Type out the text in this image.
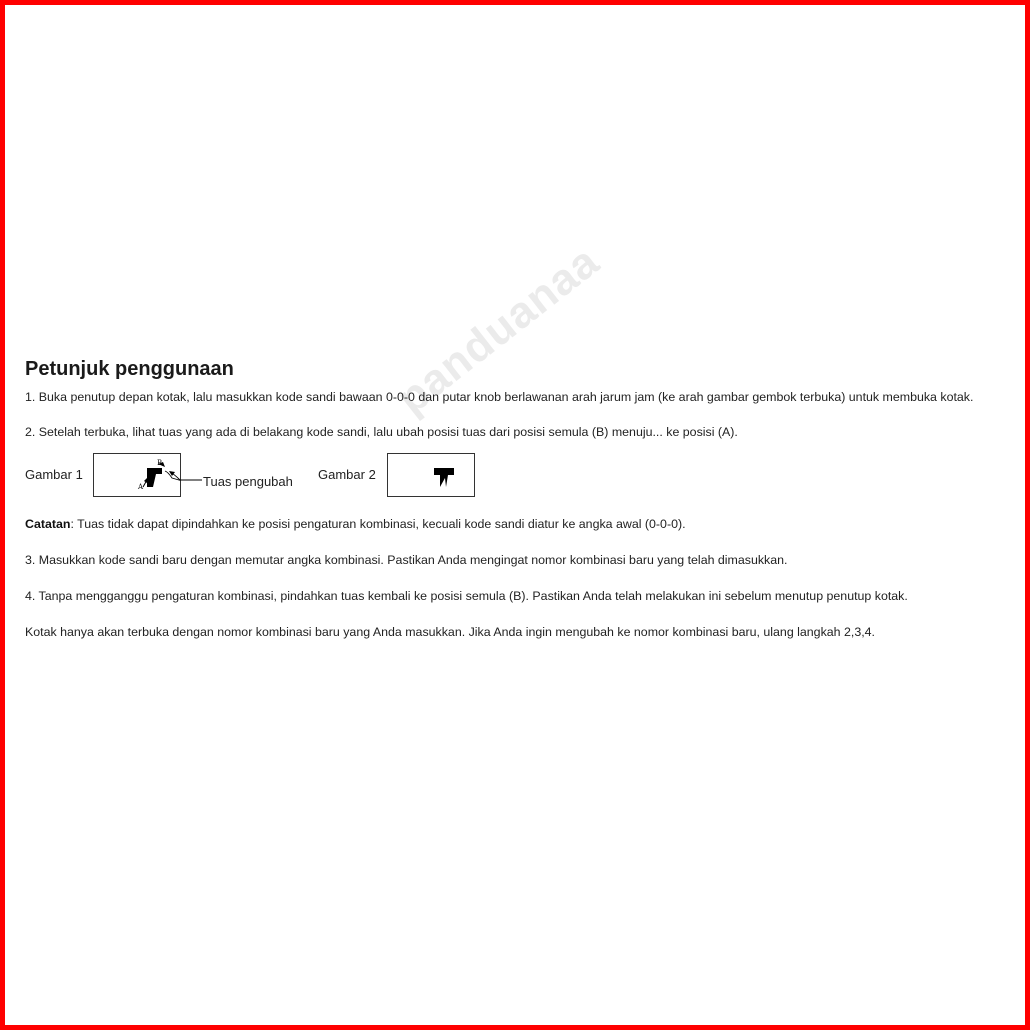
panduanaa
Petunjuk penggunaan

1. Buka penutup depan kotak, lalu masukkan kode sandi bawaan 0-0-0 dan putar knob berlawanan arah jarum jam (ke arah gambar gembok terbuka) untuk membuka kotak.

2. Setelah terbuka, lihat tuas yang ada di belakang kode sandi, lalu ubah posisi tuas dari posisi semula (B) menuju... ke posisi (A).

Gambar 1
B
A	Tuas pengubah Gambar 2

Catatan: Tuas tidak dapat dipindahkan ke posisi pengaturan kombinasi, kecuali kode sandi diatur ke angka awal (0-0-0).

3. Masukkan kode sandi baru dengan memutar angka kombinasi. Pastikan Anda mengingat nomor kombinasi baru yang telah dimasukkan.

4. Tanpa mengganggu pengaturan kombinasi, pindahkan tuas kembali ke posisi semula (B). Pastikan Anda telah melakukan ini sebelum menutup penutup kotak.

Kotak hanya akan terbuka dengan nomor kombinasi baru yang Anda masukkan. Jika Anda ingin mengubah ke nomor kombinasi baru, ulang langkah 2,3,4.
